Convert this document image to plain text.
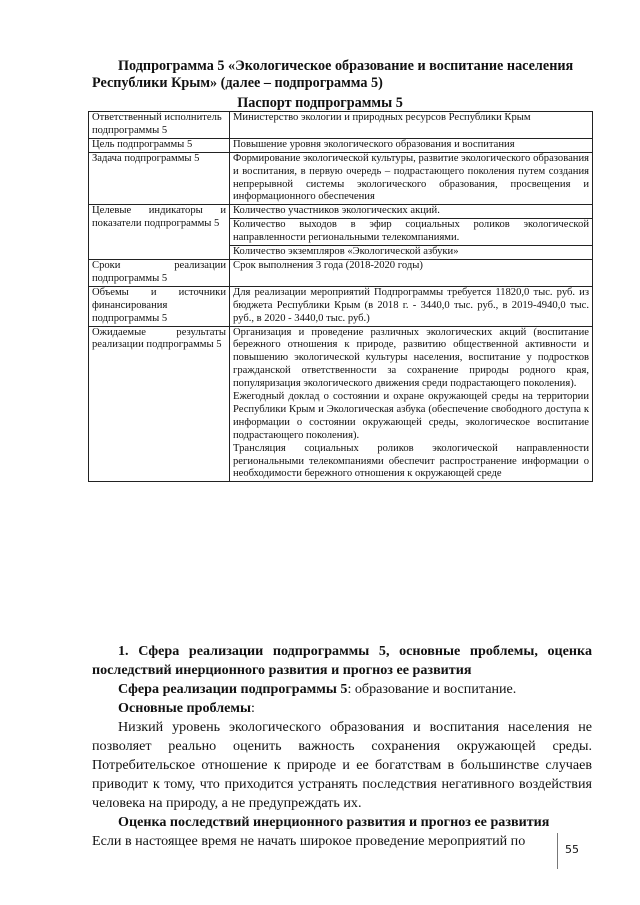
Подпрограмма 5 «Экологическое образование и воспитание населения
Республики Крым» (далее – подпрограмма 5)
Паспорт подпрограммы 5
Ответственный исполнитель подпрограммы 5	Министерство экологии и природных ресурсов Республики Крым
Цель подпрограммы 5	Повышение уровня экологического образования и воспитания
Задача подпрограммы 5	Формирование экологической культуры, развитие экологического образования и воспитания, в первую очередь – подрастающего поколения путем создания непрерывной системы экологического образования, просвещения и информационного обеспечения
Целевые индикаторы и показатели подпрограммы 5	Количество участников экологических акций.
Количество выходов в эфир социальных роликов экологической направленности региональными телекомпаниями.
Количество экземпляров «Экологической азбуки»

Сроки реализации подпрограммы 5	Срок выполнения 3 года (2018-2020 годы)
Объемы и источники финансирования подпрограммы 5	Для реализации мероприятий Подпрограммы требуется 11820,0 тыс. руб. из бюджета Республики Крым (в 2018 г. - 3440,0 тыс. руб., в 2019-4940,0 тыс. руб., в 2020 - 3440,0 тыс. руб.)
Ожидаемые результаты реализации подпрограммы 5	Организация и проведение различных экологических акций (воспитание бережного отношения к природе, развитию общественной активности и повышению экологической культуры населения, воспитание у подростков гражданской ответственности за сохранение природы родного края, популяризация экологического движения среди подрастающего поколения).
Ежегодный доклад о состоянии и охране окружающей среды на территории Республики Крым и Экологическая азбука (обеспечение свободного доступа к информации о состоянии окружающей среды, экологическое воспитание подрастающего поколения).
Трансляция социальных роликов экологической направленности региональными телекомпаниями обеспечит распространение информации о необходимости бережного отношения к окружающей среде

1. Сфера реализации подпрограммы 5, основные проблемы, оценка последствий инерционного развития и прогноз ее развития

Сфера реализации подпрограммы 5: образование и воспитание.

Основные проблемы:

Низкий уровень экологического образования и воспитания населения не позволяет реально оценить важность сохранения окружающей среды. Потребительское отношение к природе и ее богатствам в большинстве случаев приводит к тому, что приходится устранять последствия негативного воздействия человека на природу, а не предупреждать их.

Оценка последствий инерционного развития и прогноз ее развития

Если в настоящее время не начать широкое проведение мероприятий по

55
